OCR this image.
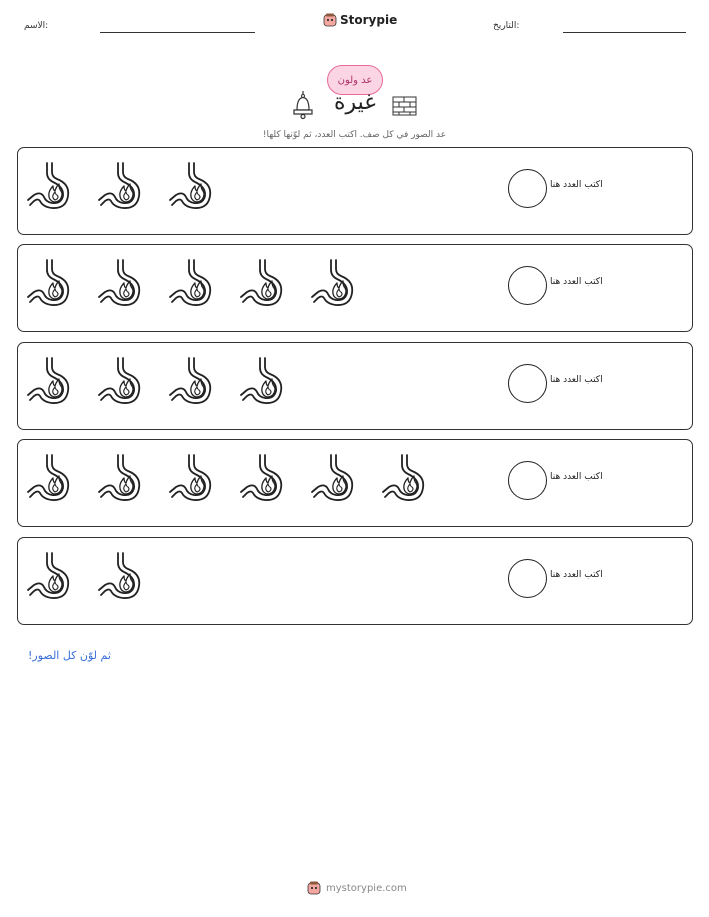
الاسم:	Storypie	التاريخ:
عد ولون
غيرة
عد الصور في كل صف. اكتب العدد، ثم لوّنها كلها!
اكتب العدد هنا
اكتب العدد هنا
اكتب العدد هنا
اكتب العدد هنا
اكتب العدد هنا
ثم لوّن كل الصور!
mystorypie.com
